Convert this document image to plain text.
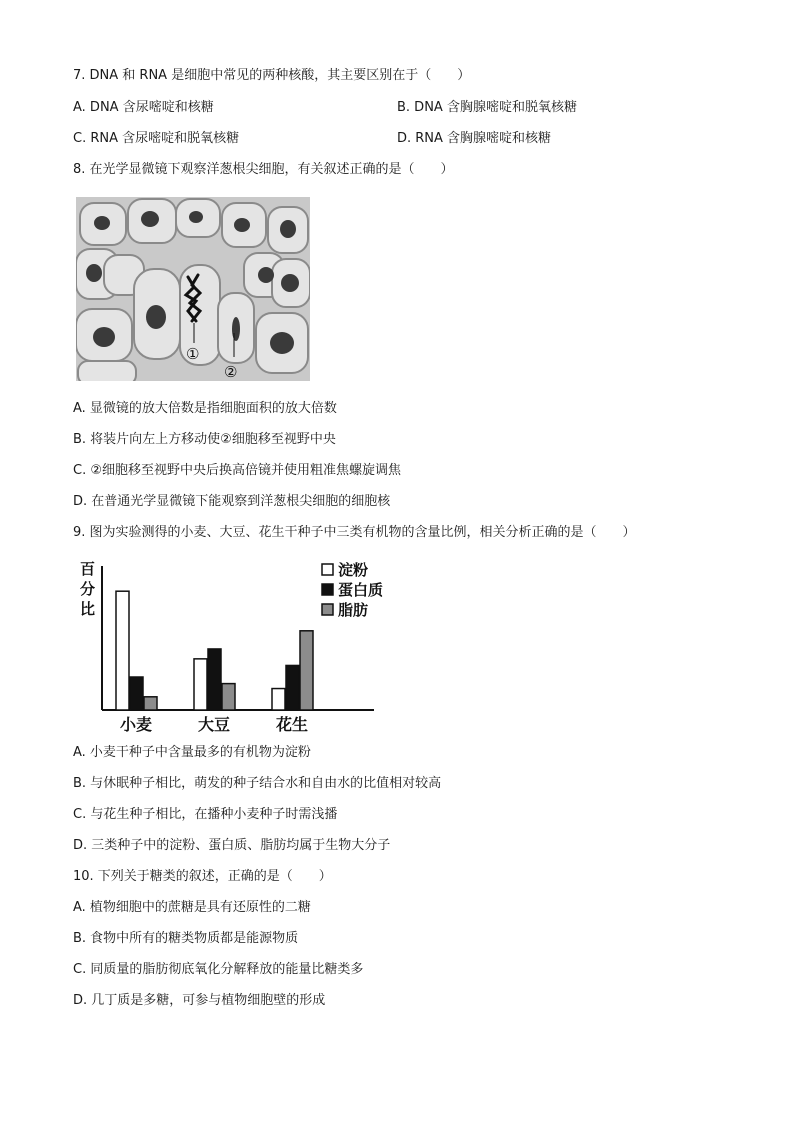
7. DNA 和 RNA 是细胞中常见的两种核酸，其主要区别在于（　　）
A. DNA 含尿嘧啶和核糖	B. DNA 含胸腺嘧啶和脱氧核糖
C. RNA 含尿嘧啶和脱氧核糖	D. RNA 含胸腺嘧啶和核糖
8. 在光学显微镜下观察洋葱根尖细胞，有关叙述正确的是（　　）
①
②
A. 显微镜的放大倍数是指细胞面积的放大倍数
B. 将装片向左上方移动使②细胞移至视野中央
C. ②细胞移至视野中央后换高倍镜并使用粗准焦螺旋调焦
D. 在普通光学显微镜下能观察到洋葱根尖细胞的细胞核
9. 图为实验测得的小麦、大豆、花生干种子中三类有机物的含量比例，相关分析正确的是（　　）
百
分
比
小麦	大豆	花生
淀粉
蛋白质
脂肪
A. 小麦干种子中含量最多的有机物为淀粉
B. 与休眠种子相比，萌发的种子结合水和自由水的比值相对较高
C. 与花生种子相比，在播种小麦种子时需浅播
D. 三类种子中的淀粉、蛋白质、脂肪均属于生物大分子
10. 下列关于糖类的叙述，正确的是（　　）
A. 植物细胞中的蔗糖是具有还原性的二糖
B. 食物中所有的糖类物质都是能源物质
C. 同质量的脂肪彻底氧化分解释放的能量比糖类多
D. 几丁质是多糖，可参与植物细胞壁的形成
